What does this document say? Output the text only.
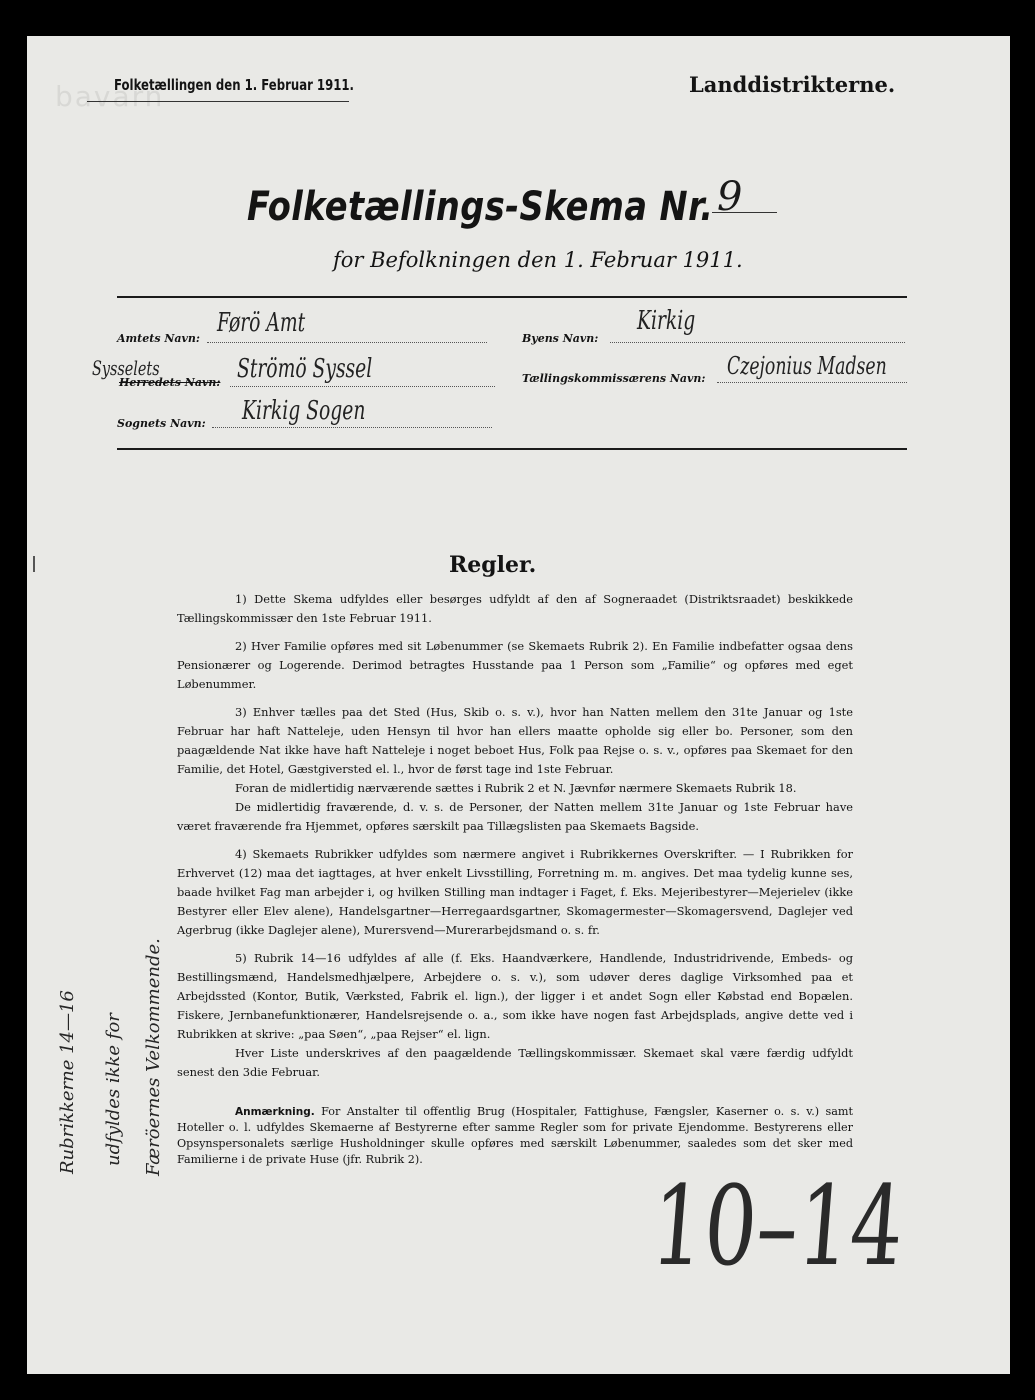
bavarn
Folketællingen den 1. Februar 1911.	Landdistrikterne.
Folketællings-Skema Nr. 9
for Befolkningen den 1. Februar 1911.
Amtets Navn:
Førö Amt
Sysselets
Herredets Navn: Strömö Syssel
Sognets Navn: Kirkig Sogen
Byens Navn:
Kirkig
Tællingskommissærens Navn: Czejonius Madsen
Regler.

1) Dette Skema udfyldes eller besørges udfyldt af den af Sogneraadet (Distriktsraadet) beskikkede Tællingskommissær den 1ste Februar 1911.

2) Hver Familie opføres med sit Løbenummer (se Skemaets Rubrik 2). En Familie indbefatter ogsaa dens Pensionærer og Logerende. Derimod betragtes Husstande paa 1 Person som „Familie“ og opføres med eget Løbenummer.

3) Enhver tælles paa det Sted (Hus, Skib o. s. v.), hvor han Natten mellem den 31te Januar og 1ste Februar har haft Natteleje, uden Hensyn til hvor han ellers maatte opholde sig eller bo. Personer, som den paagældende Nat ikke have haft Natteleje i noget beboet Hus, Folk paa Rejse o. s. v., opføres paa Skemaet for den Familie, det Hotel, Gæstgiversted el. l., hvor de først tage ind 1ste Februar.

Foran de midlertidig nærværende sættes i Rubrik 2 et N. Jævnfør nærmere Skemaets Rubrik 18.

De midlertidig fraværende, d. v. s. de Personer, der Natten mellem 31te Januar og 1ste Februar have været fraværende fra Hjemmet, opføres særskilt paa Tillægslisten paa Skemaets Bagside.

4) Skemaets Rubrikker udfyldes som nærmere angivet i Rubrikkernes Overskrifter. — I Rubrikken for Erhvervet (12) maa det iagttages, at hver enkelt Livsstilling, Forretning m. m. angives. Det maa tydelig kunne ses, baade hvilket Fag man arbejder i, og hvilken Stilling man indtager i Faget, f. Eks. Mejeribestyrer—Mejerielev (ikke Bestyrer eller Elev alene), Handelsgartner—Herregaardsgartner, Skomagermester—Skomagersvend, Daglejer ved Agerbrug (ikke Daglejer alene), Murersvend—Murerarbejdsmand o. s. fr.

5) Rubrik 14—16 udfyldes af alle (f. Eks. Haandværkere, Handlende, Industridrivende, Embeds- og Bestillingsmænd, Handelsmedhjælpere, Arbejdere o. s. v.), som udøver deres daglige Virksomhed paa et Arbejdssted (Kontor, Butik, Værksted, Fabrik el. lign.), der ligger i et andet Sogn eller Købstad end Bopælen. Fiskere, Jernbanefunktionærer, Handelsrejsende o. a., som ikke have nogen fast Arbejdsplads, angive dette ved i Rubrikken at skrive: „paa Søen“, „paa Rejser“ el. lign.

Hver Liste underskrives af den paagældende Tællingskommissær. Skemaet skal være færdig udfyldt senest den 3die Februar.

Anmærkning. For Anstalter til offentlig Brug (Hospitaler, Fattighuse, Fængsler, Kaserner o. s. v.) samt Hoteller o. l. udfyldes Skemaerne af Bestyrerne efter samme Regler som for private Ejendomme. Bestyrerens eller Opsynspersonalets særlige Husholdninger skulle opføres med særskilt Løbenummer, saaledes som det sker med Familierne i de private Huse (jfr. Rubrik 2).
Rubrikkerne 14—16 udfyldes ikke for Færöernes Velkommende.
10–14
